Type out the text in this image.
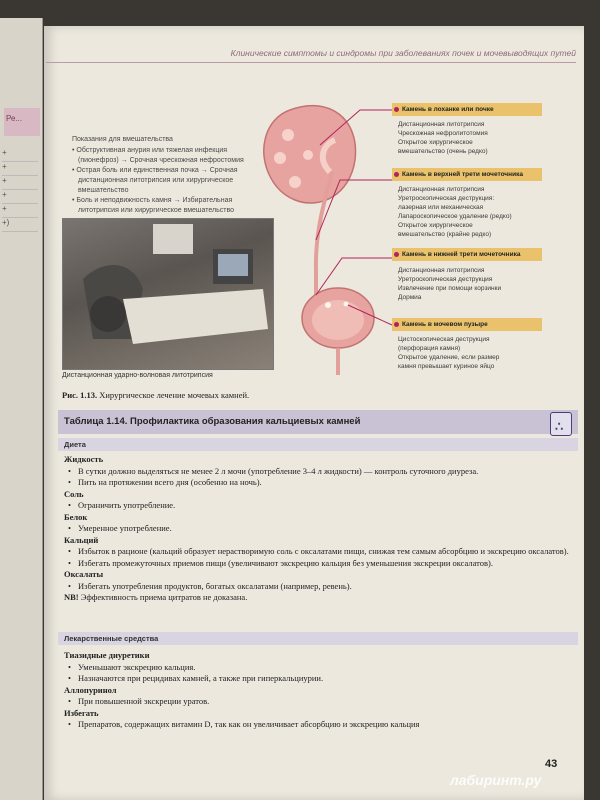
Ре...
+
+
+
+
+
+)
Клинические симптомы и синдромы при заболеваниях почек и мочевыводящих путей
Показания для вмешательства
• Обструктивная анурия или тяжелая инфекция (пионефроз) → Срочная чрескожная нефростомия
• Острая боль или единственная почка → Срочная дистанционная литотрипсия или хирургическое вмешательство
• Боль и неподвижность камня → Избирательная литотрипсия или хирургическое вмешательство
Камень в лоханке или почке
Дистанционная литотрипсия
Чрескожная нефролитотомия
Открытое хирургическое
вмешательство (очень редко)
Камень в верхней трети мочеточника
Дистанционная литотрипсия
Уретроскопическая деструкция:
лазерная или механическая
Лапароскопическое удаление (редко)
Открытое хирургическое
вмешательство (крайне редко)
Камень в нижней трети мочеточника
Дистанционная литотрипсия
Уретроскопическая деструкция
Извлечение при помощи корзинки
Дормиа
Камень в мочевом пузыре
Цистоскопическая деструкция
(перфорация камня)
Открытое удаление, если размер
камня превышает куриное яйцо
Дистанционная ударно-волновая литотрипсия
Рис. 1.13. Хирургическое лечение мочевых камней.
Таблица 1.14. Профилактика образования кальциевых камней
∴
Диета
Жидкость
• В сутки должно выделяться не менее 2 л мочи (употребление 3–4 л жидкости) — контроль суточного диуреза.
• Пить на протяжении всего дня (особенно на ночь).
Соль
• Ограничить употребление.
Белок
• Умеренное употребление.
Кальций
• Избыток в рационе (кальций образует нерастворимую соль с оксалатами пищи, снижая тем самым абсорбцию и экскрецию оксалатов).
• Избегать промежуточных приемов пищи (увеличивают экскрецию кальция без уменьшения экскреции оксалатов).
Оксалаты
• Избегать употребления продуктов, богатых оксалатами (например, ревень).
NB! Эффективность приема цитратов не доказана.
Лекарственные средства
Тиазидные диуретики
• Уменьшают экскрецию кальция.
• Назначаются при рецидивах камней, а также при гиперкальциурии.
Аллопуринол
• При повышенной экскреции уратов.
Избегать
• Препаратов, содержащих витамин D, так как он увеличивает абсорбцию и экскрецию кальция
43
лабиринт.ру
